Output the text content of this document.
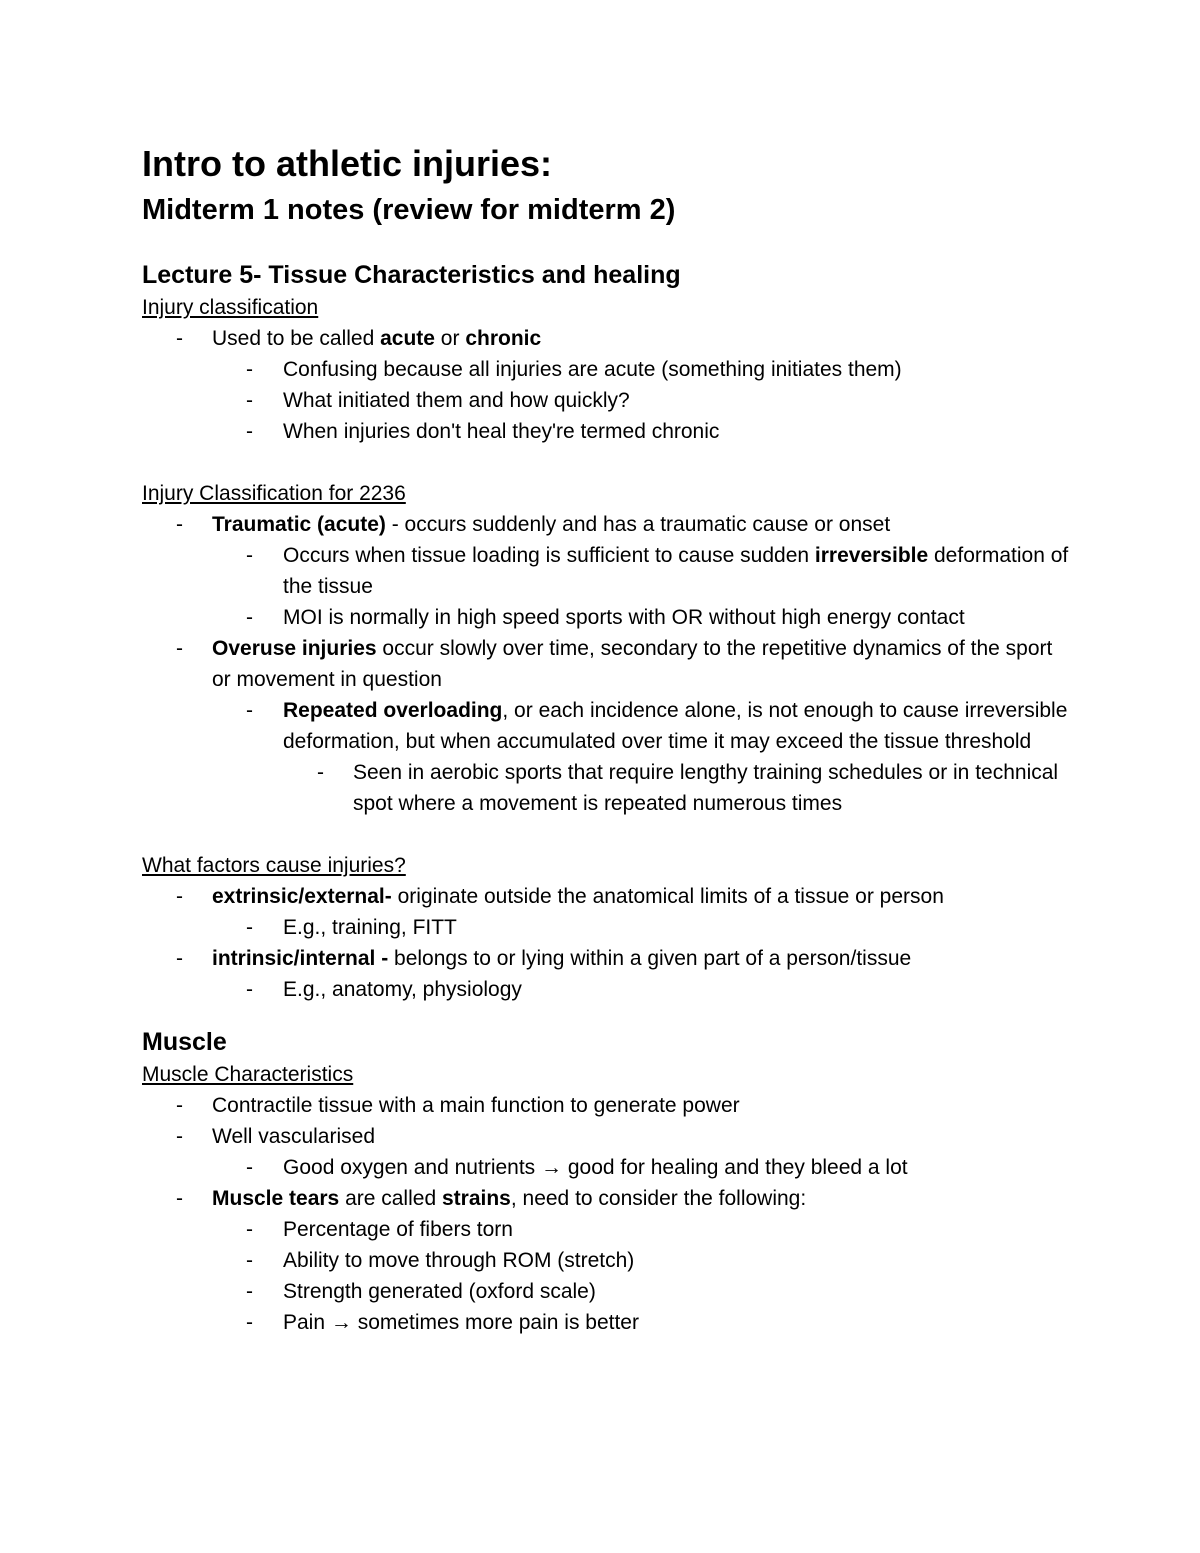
Intro to athletic injuries:
Midterm 1 notes (review for midterm 2)
Lecture 5- Tissue Characteristics and healing

Injury classification

- Used to be called acute or chronic
- Confusing because all injuries are acute (something initiates them)
- What initiated them and how quickly?
- When injuries don't heal they're termed chronic

Injury Classification for 2236

- Traumatic (acute) - occurs suddenly and has a traumatic cause or onset
- Occurs when tissue loading is sufficient to cause sudden irreversible deformation of the tissue
- MOI is normally in high speed sports with OR without high energy contact
- Overuse injuries occur slowly over time, secondary to the repetitive dynamics of the sport or movement in question
- Repeated overloading, or each incidence alone, is not enough to cause irreversible deformation, but when accumulated over time it may exceed the tissue threshold
- Seen in aerobic sports that require lengthy training schedules or in technical spot where a movement is repeated numerous times

What factors cause injuries?

- extrinsic/external- originate outside the anatomical limits of a tissue or person
- E.g., training, FITT
- intrinsic/internal - belongs to or lying within a given part of a person/tissue
- E.g., anatomy, physiology
Muscle

Muscle Characteristics

- Contractile tissue with a main function to generate power
- Well vascularised
- Good oxygen and nutrients → good for healing and they bleed a lot
- Muscle tears are called strains, need to consider the following:
- Percentage of fibers torn
- Ability to move through ROM (stretch)
- Strength generated (oxford scale)
- Pain → sometimes more pain is better
